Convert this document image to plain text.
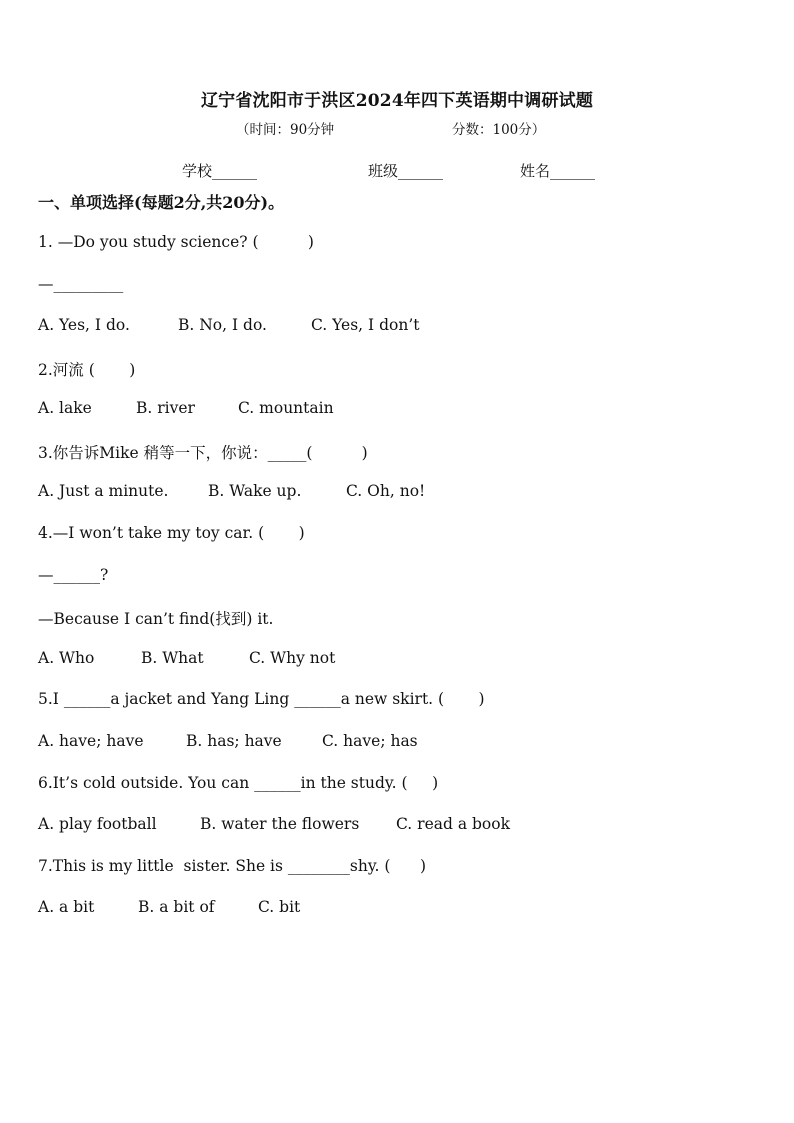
辽宁省沈阳市于洪区2024年四下英语期中调研试题
（时间：90分钟	分数：100分）
学校______	班级______	姓名______
一、单项选择(每题2分,共20分)。
1. —Do you study science? (          )
—_________

A. Yes, I do.

	B. No, I do.

	C. Yes, I don’t

2.河流 (       )

A. lake

	B. river

	C. mountain

3.你告诉Mike 稍等一下，你说：_____(          )

A. Just a minute.

	B. Wake up.

	C. Oh, no!

4.—I won’t take my toy car. (       )
—______?
—Because I can’t find(找到) it.

A. Who

	B. What

	C. Why not

5.I ______a jacket and Yang Ling ______a new skirt. (       )

A. have; have

	B. has; have

	C. have; has

6.It’s cold outside. You can ______in the study. (     )

A. play football

	B. water the flowers

C. read a book

7.This is my little  sister. She is ________shy. (      )

A. a bit

	B. a bit of

	C. bit
